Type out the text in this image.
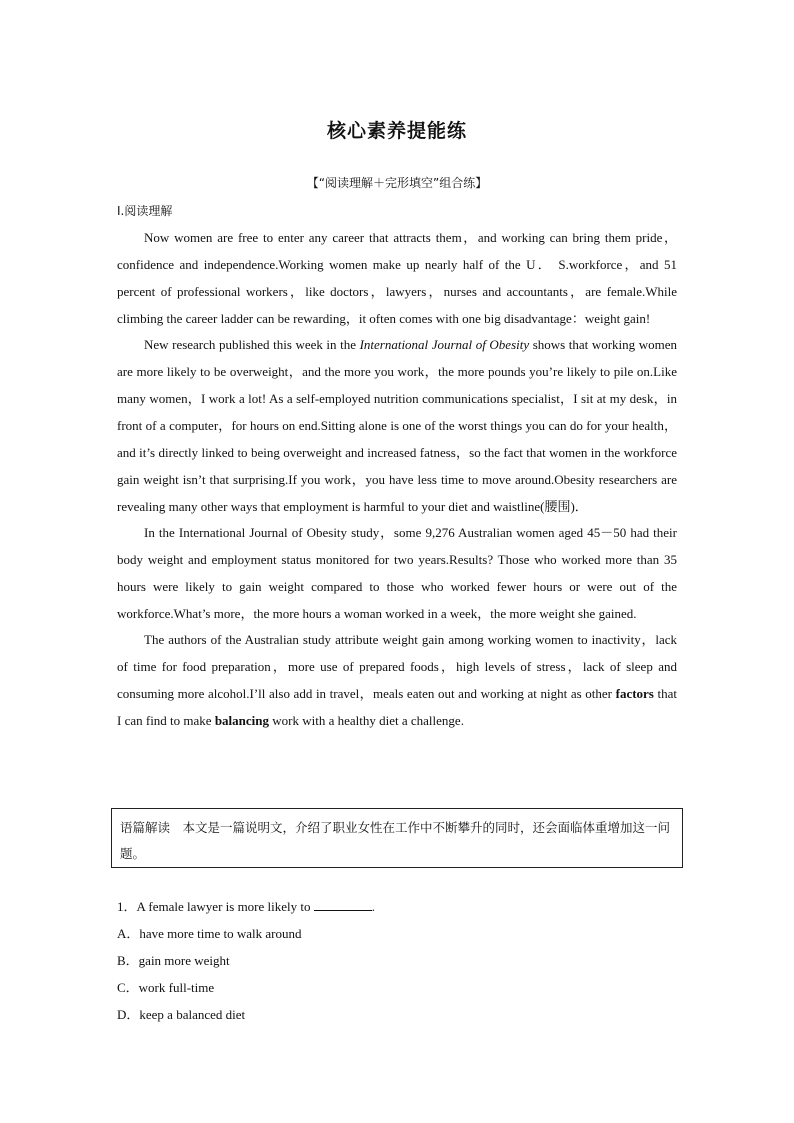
核心素养提能练
【“阅读理解＋完形填空”组合练】
Ⅰ.阅读理解

Now women are free to enter any career that attracts them，and working can bring them pride，confidence and independence.Working women make up nearly half of the U． S.workforce，and 51 percent of professional workers，like doctors，lawyers，nurses and accountants，are female.While climbing the career ladder can be rewarding，it often comes with one big disadvantage：weight gain!

New research published this week in the International Journal of Obesity shows that working women are more likely to be overweight，and the more you work，the more pounds you’re likely to pile on.Like many women，I work a lot! As a self-employed nutrition communications specialist，I sit at my desk，in front of a computer，for hours on end.Sitting alone is one of the worst things you can do for your health，and it’s directly linked to being overweight and increased fatness，so the fact that women in the workforce gain weight isn’t that surprising.If you work，you have less time to move around.Obesity researchers are revealing many other ways that employment is harmful to your diet and waistline(腰围)．

In the International Journal of Obesity study，some 9,276 Australian women aged 45－50 had their body weight and employment status monitored for two years.Results? Those who worked more than 35 hours were likely to gain weight compared to those who worked fewer hours or were out of the workforce.What’s more，the more hours a woman worked in a week，the more weight she gained.

The authors of the Australian study attribute weight gain among working women to inactivity，lack of time for food preparation，more use of prepared foods，high levels of stress，lack of sleep and consuming more alcohol.I’ll also add in travel，meals eaten out and working at night as other factors that I can find to make balancing work with a healthy diet a challenge.

语篇解读　本文是一篇说明文，介绍了职业女性在工作中不断攀升的同时，还会面临体重增加这一问题。
1．A female lawyer is more likely to	.
A．have more time to walk around
B．gain more weight
C．work full-time
D．keep a balanced diet
